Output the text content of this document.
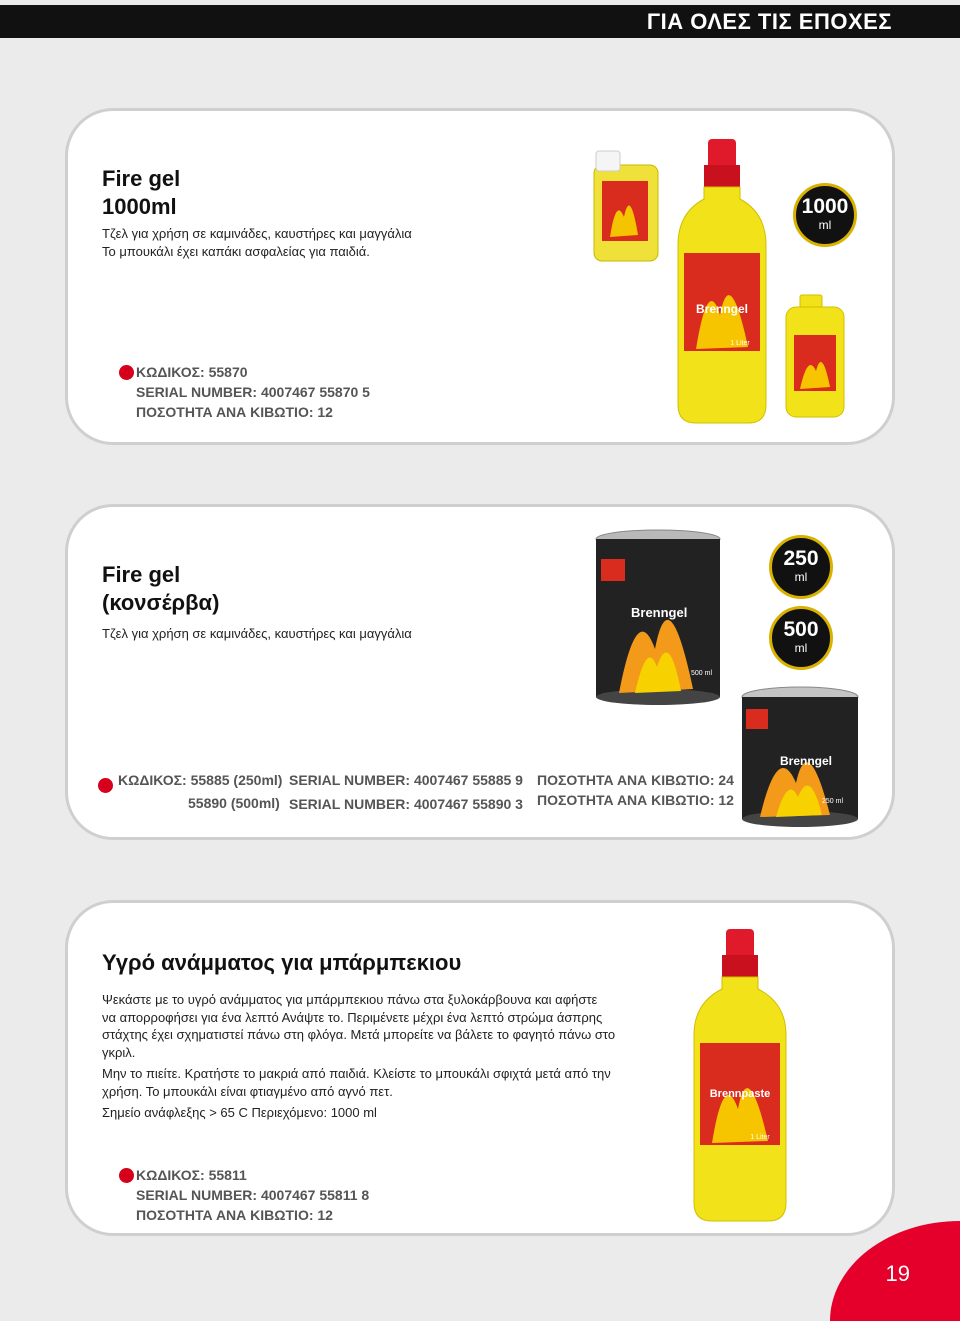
ΓΙΑ ΟΛΕΣ ΤΙΣ ΕΠΟΧΕΣ
Fire gel
1000ml
Τζελ για χρήση σε καμινάδες, καυστήρες και μαγγάλια
Το μπουκάλι έχει καπάκι ασφαλείας για παιδιά.
ΚΩΔΙΚΟΣ: 55870
SERIAL NUMBER: 4007467 55870 5
ΠΟΣΟΤΗΤΑ ΑΝΑ ΚΙΒΩΤΙΟ: 12
Brenngel
1 Liter
1000
ml
Fire gel
(κονσέρβα)
Τζελ για χρήση σε καμινάδες, καυστήρες και μαγγάλια
ΚΩΔΙΚΟΣ: 55885 (250ml) SERIAL NUMBER: 4007467 55885 9 ΠΟΣΟΤΗΤΑ ΑΝΑ ΚΙΒΩΤΙΟ: 24
55890 (500ml) SERIAL NUMBER: 4007467 55890 3 ΠΟΣΟΤΗΤΑ ΑΝΑ ΚΙΒΩΤΙΟ: 12
Brenngel
500 ml
Brenngel
250 ml
250
ml
500
ml
Υγρό ανάμματος για μπάρμπεκιου
Ψεκάστε με το υγρό ανάμματος για μπάρμπεκιου πάνω στα ξυλοκάρβουνα και αφήστε
να απορροφήσει για ένα λεπτό Ανάψτε το. Περιμένετε μέχρι ένα λεπτό στρώμα άσπρης
στάχτης έχει σχηματιστεί πάνω στη φλόγα. Μετά μπορείτε να βάλετε το φαγητό πάνω στο
γκριλ.
Μην το πιείτε. Κρατήστε το μακριά από παιδιά. Κλείστε το μπουκάλι σφιχτά μετά από την
χρήση. Το μπουκάλι είναι φτιαγμένο από αγνό πετ.
Σημείο ανάφλεξης > 65 C Περιεχόμενο: 1000 ml
ΚΩΔΙΚΟΣ: 55811
SERIAL NUMBER: 4007467 55811 8
ΠΟΣΟΤΗΤΑ ΑΝΑ ΚΙΒΩΤΙΟ: 12
Brennpaste
1 Liter
19
